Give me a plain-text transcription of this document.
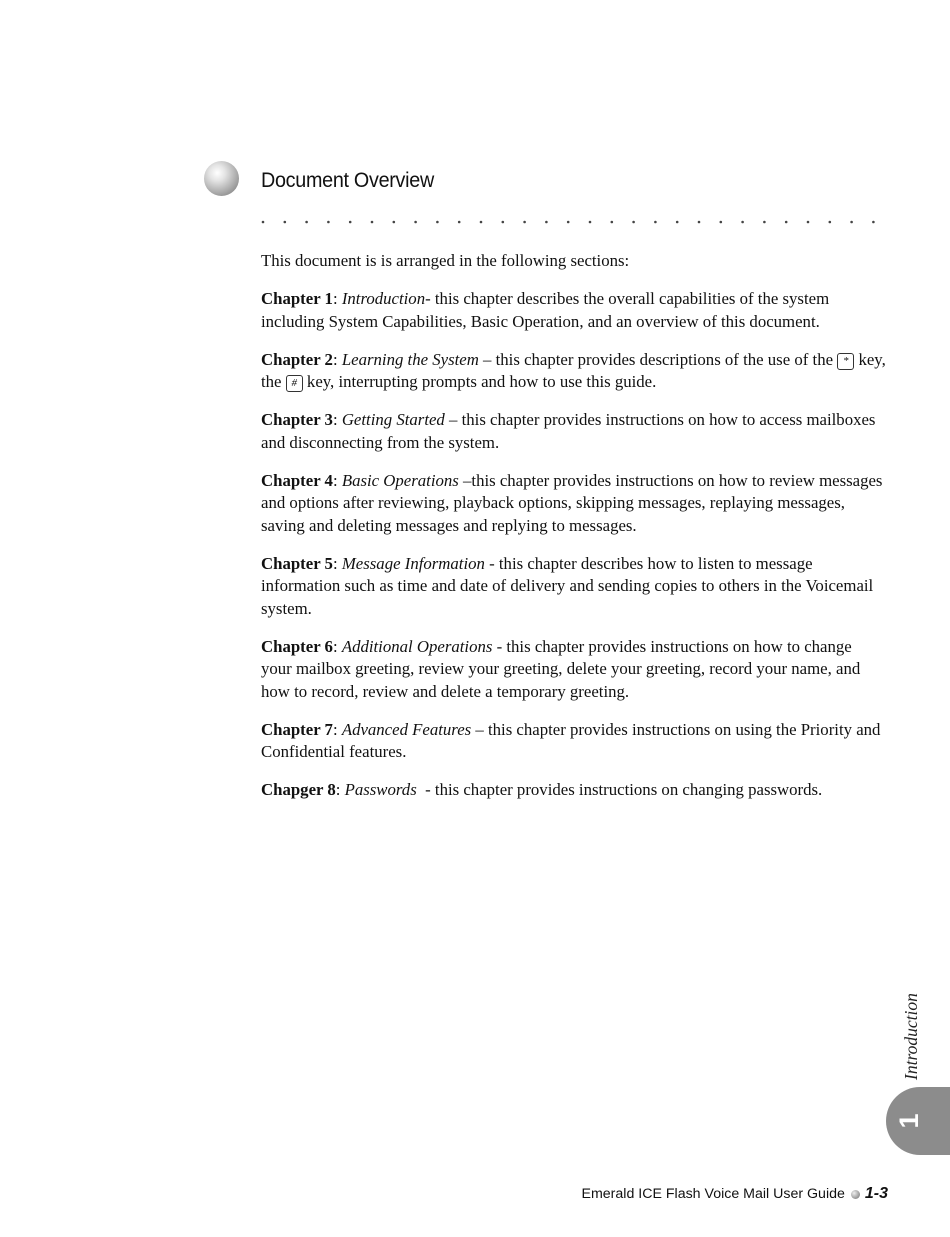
Document Overview

This document is is arranged in the following sections:

Chapter 1: Introduction- this chapter describes the overall capabilities of the system including System Capabilities, Basic Operation, and an overview of this document.

Chapter 2: Learning the System – this chapter provides descriptions of the use of the * key, the # key, interrupting prompts and how to use this guide.

Chapter 3: Getting Started – this chapter provides instructions on how to access mailboxes and disconnecting from the system.

Chapter 4: Basic Operations –this chapter provides instructions on how to review messages and options after reviewing, playback options, skipping messages, replaying messages, saving and deleting messages and replying to messages.

Chapter 5: Message Information - this chapter describes how to listen to message information such as time and date of delivery and sending copies to others in the Voicemail system.

Chapter 6: Additional Operations - this chapter provides instructions on how to change your mailbox greeting, review your greeting, delete your greeting, record your name, and how to record, review and delete a temporary greeting.

Chapter 7: Advanced Features – this chapter provides instructions on using the Priority and Confidential features.

Chapger 8: Passwords  - this chapter provides instructions on changing passwords.

Introduction
1
Emerald ICE Flash Voice Mail User Guide 1-3
